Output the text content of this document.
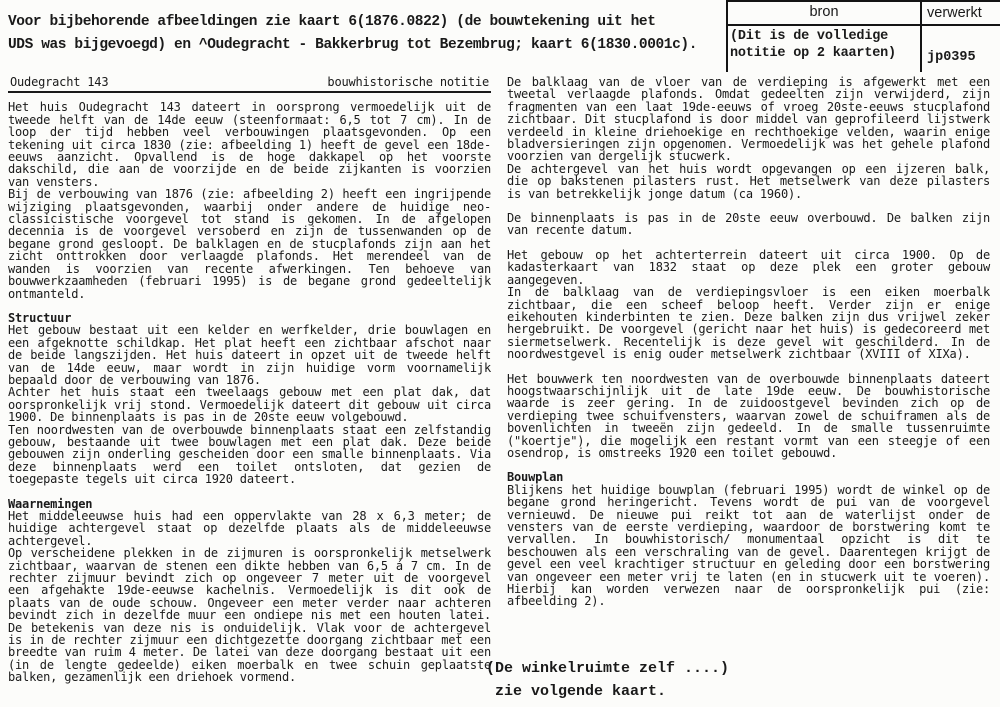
Voor bijbehorende afbeeldingen zie kaart 6(1876.0822) (de bouwtekening uit het
UDS was bijgevoegd) en ^Oudegracht - Bakkerbrug tot Bezembrug; kaart 6(1830.0001c).
bron	verwerkt
(Dit is de volledige notitie op 2 kaarten)	jp0395
Oudegracht 143	bouwhistorische notitie

Het huis Oudegracht 143 dateert in oorsprong vermoedelijk uit de tweede helft van de 14de eeuw (steenformaat: 6,5 tot 7 cm). In de loop der tijd hebben veel verbouwingen plaatsgevonden. Op een tekening uit circa 1830 (zie: afbeelding 1) heeft de gevel een 18de-eeuws aanzicht. Opvallend is de hoge dakkapel op het voorste dakschild, die aan de voorzijde en de beide zijkanten is voorzien van vensters.

Bij de verbouwing van 1876 (zie: afbeelding 2) heeft een ingrijpende wijziging plaatsgevonden, waarbij onder andere de huidige neo-classicistische voorgevel tot stand is gekomen. In de afgelopen decennia is de voorgevel versoberd en zijn de tussenwanden op de begane grond gesloopt. De balklagen en de stucplafonds zijn aan het zicht onttrokken door verlaagde plafonds. Het merendeel van de wanden is voorzien van recente afwerkingen. Ten behoeve van bouwwerkzaamheden (februari 1995) is de begane grond gedeeltelijk ontmanteld.

Structuur

Het gebouw bestaat uit een kelder en werfkelder, drie bouwlagen en een afgeknotte schildkap. Het plat heeft een zichtbaar afschot naar de beide langszijden. Het huis dateert in opzet uit de tweede helft van de 14de eeuw, maar wordt in zijn huidige vorm voornamelijk bepaald door de verbouwing van 1876.

Achter het huis staat een tweelaags gebouw met een plat dak, dat oorspronkelijk vrij stond. Vermoedelijk dateert dit gebouw uit circa 1900. De binnenplaats is pas in de 20ste eeuw volgebouwd.

Ten noordwesten van de overbouwde binnenplaats staat een zelfstandig gebouw, bestaande uit twee bouwlagen met een plat dak. Deze beide gebouwen zijn onderling gescheiden door een smalle binnenplaats. Via deze binnenplaats werd een toilet ontsloten, dat gezien de toegepaste tegels uit circa 1920 dateert.

Waarnemingen

Het middeleeuwse huis had een oppervlakte van 28 x 6,3 meter; de huidige achtergevel staat op dezelfde plaats als de middeleeuwse achtergevel.

Op verscheidene plekken in de zijmuren is oorspronkelijk metselwerk zichtbaar, waarvan de stenen een dikte hebben van 6,5 á 7 cm. In de rechter zijmuur bevindt zich op ongeveer 7 meter uit de voorgevel een afgehakte 19de-eeuwse kachelnis. Vermoedelijk is dit ook de plaats van de oude schouw. Ongeveer een meter verder naar achteren bevindt zich in dezelfde muur een ondiepe nis met een houten latei. De betekenis van deze nis is onduidelijk. Vlak voor de achtergevel is in de rechter zijmuur een dichtgezette doorgang zichtbaar met een breedte van ruim 4 meter. De latei van deze doorgang bestaat uit een (in de lengte gedeelde) eiken moerbalk en twee schuin geplaatste balken, gezamenlijk een driehoek vormend.

De balklaag van de vloer van de verdieping is afgewerkt met een tweetal verlaagde plafonds. Omdat gedeelten zijn verwijderd, zijn fragmenten van een laat 19de-eeuws of vroeg 20ste-eeuws stucplafond zichtbaar. Dit stucplafond is door middel van geprofileerd lijstwerk verdeeld in kleine driehoekige en rechthoekige velden, waarin enige bladversieringen zijn opgenomen. Vermoedelijk was het gehele plafond voorzien van dergelijk stucwerk.

De achtergevel van het huis wordt opgevangen op een ijzeren balk, die op bakstenen pilasters rust. Het metselwerk van deze pilasters is van betrekkelijk jonge datum (ca 1960).

De binnenplaats is pas in de 20ste eeuw overbouwd. De balken zijn van recente datum.

Het gebouw op het achterterrein dateert uit circa 1900. Op de kadasterkaart van 1832 staat op deze plek een groter gebouw aangegeven.

In de balklaag van de verdiepingsvloer is een eiken moerbalk zichtbaar, die een scheef beloop heeft. Verder zijn er enige eikehouten kinderbinten te zien. Deze balken zijn dus vrijwel zeker hergebruikt. De voorgevel (gericht naar het huis) is gedecoreerd met siermetselwerk. Recentelijk is deze gevel wit geschilderd. In de noordwestgevel is enig ouder metselwerk zichtbaar (XVIII of XIXa).

Het bouwwerk ten noordwesten van de overbouwde binnenplaats dateert hoogstwaarschijnlijk uit de late 19de eeuw. De bouwhistorische waarde is zeer gering. In de zuidoostgevel bevinden zich op de verdieping twee schuifvensters, waarvan zowel de schuiframen als de bovenlichten in tweeën zijn gedeeld. In de smalle tussenruimte ("koertje"), die mogelijk een restant vormt van een steegje of een osendrop, is omstreeks 1920 een toilet gebouwd.

Bouwplan

Blijkens het huidige bouwplan (februari 1995) wordt de winkel op de begane grond heringericht. Tevens wordt de pui van de voorgevel vernieuwd. De nieuwe pui reikt tot aan de waterlijst onder de vensters van de eerste verdieping, waardoor de borstwering komt te vervallen. In bouwhistorisch/ monumentaal opzicht is dit te beschouwen als een verschraling van de gevel. Daarentegen krijgt de gevel een veel krachtiger structuur en geleding door een borstwering van ongeveer een meter vrij te laten (en in stucwerk uit te voeren). Hierbij kan worden verwezen naar de oorspronkelijk pui (zie: afbeelding 2).

(De winkelruimte zelf ....)
zie volgende kaart.
